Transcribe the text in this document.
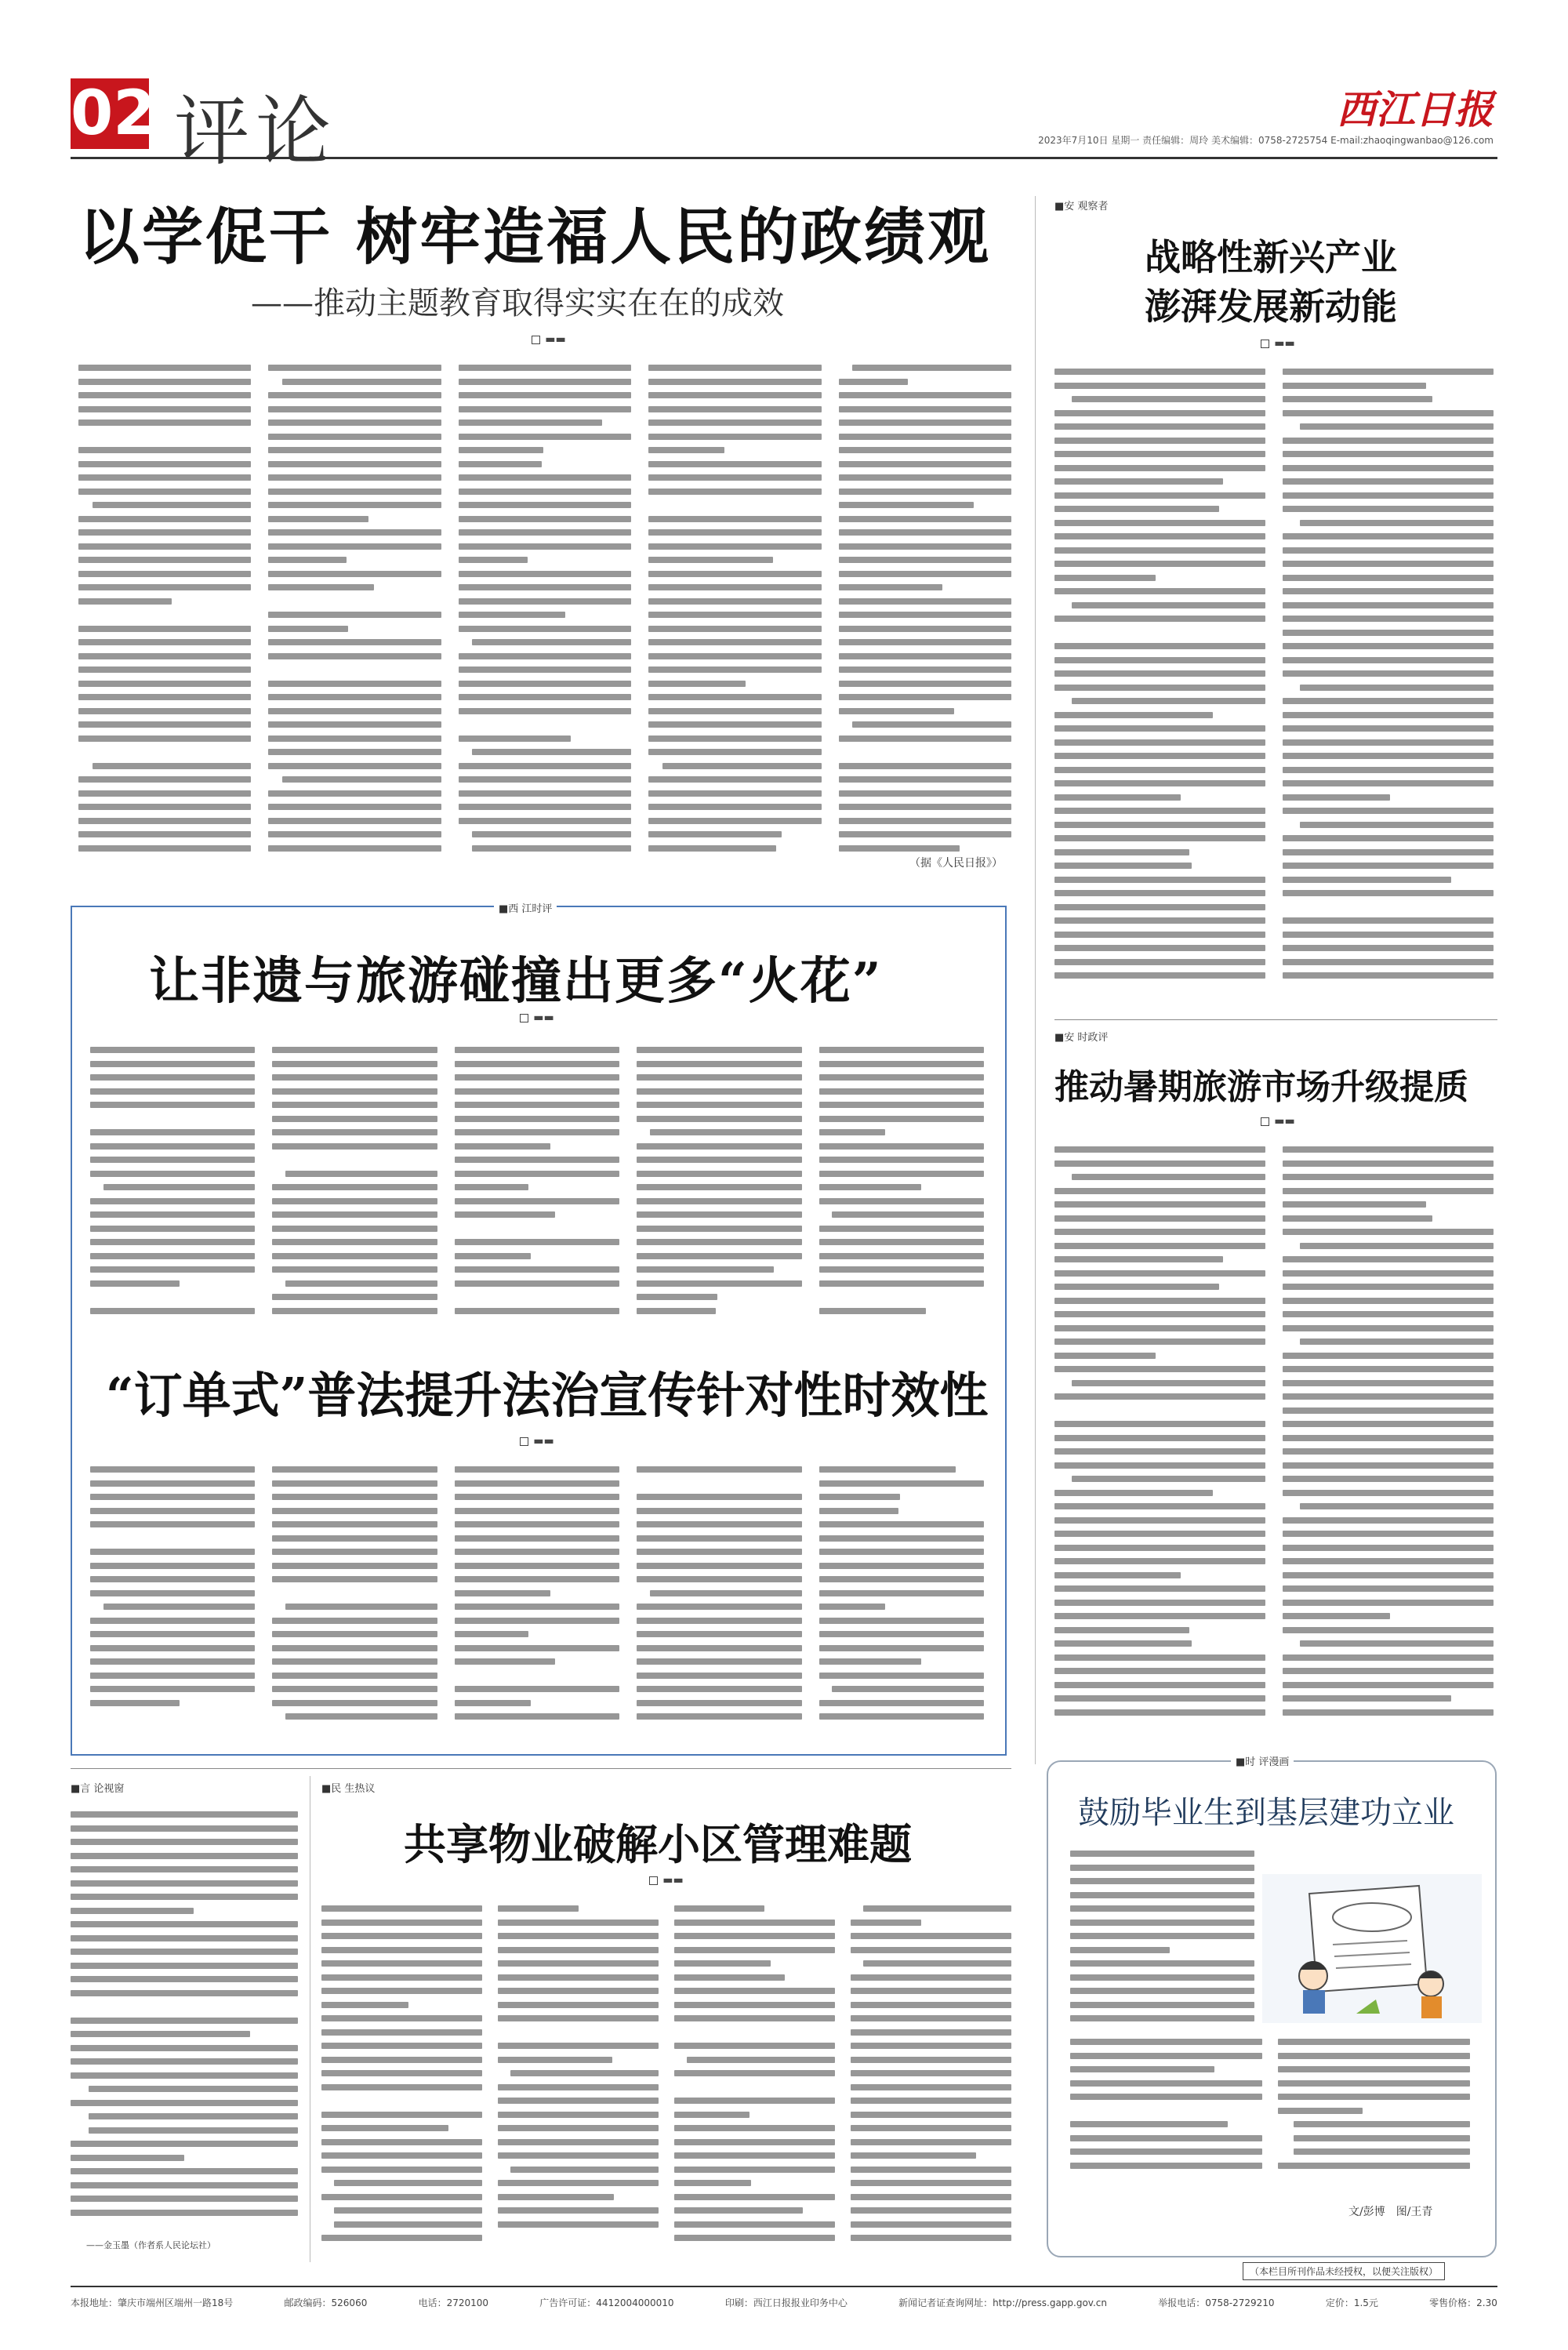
02 评论	西江日报
2023年7月10日 星期一 责任编辑：周玲 美术编辑：0758-2725754 E-mail:zhaoqingwanbao@126.com
以学促干 树牢造福人民的政绩观
——推动主题教育取得实实在在的成效
▬▬
（据《人民日报》）
■安 观察者
战略性新兴产业
澎湃发展新动能
▬▬
■西 江时评
让非遗与旅游碰撞出更多“火花”
▬▬
“订单式”普法提升法治宣传针对性时效性
▬▬
■安 时政评
推动暑期旅游市场升级提质
▬▬
■言 论视窗
——金玉墨（作者系人民论坛社）
■民 生热议
共享物业破解小区管理难题
▬▬
■时 评漫画
鼓励毕业生到基层建功立业
文/彭博　图/王青
（本栏目所刊作品未经授权，以便关注版权）
本报地址：肇庆市端州区端州一路18号	邮政编码：526060	电话：2720100	广告许可证：4412004000010	印刷：西江日报报业印务中心	新闻记者证查询网址：http://press.gapp.gov.cn	举报电话：0758-2729210	定价：1.5元	零售价格：2.30
